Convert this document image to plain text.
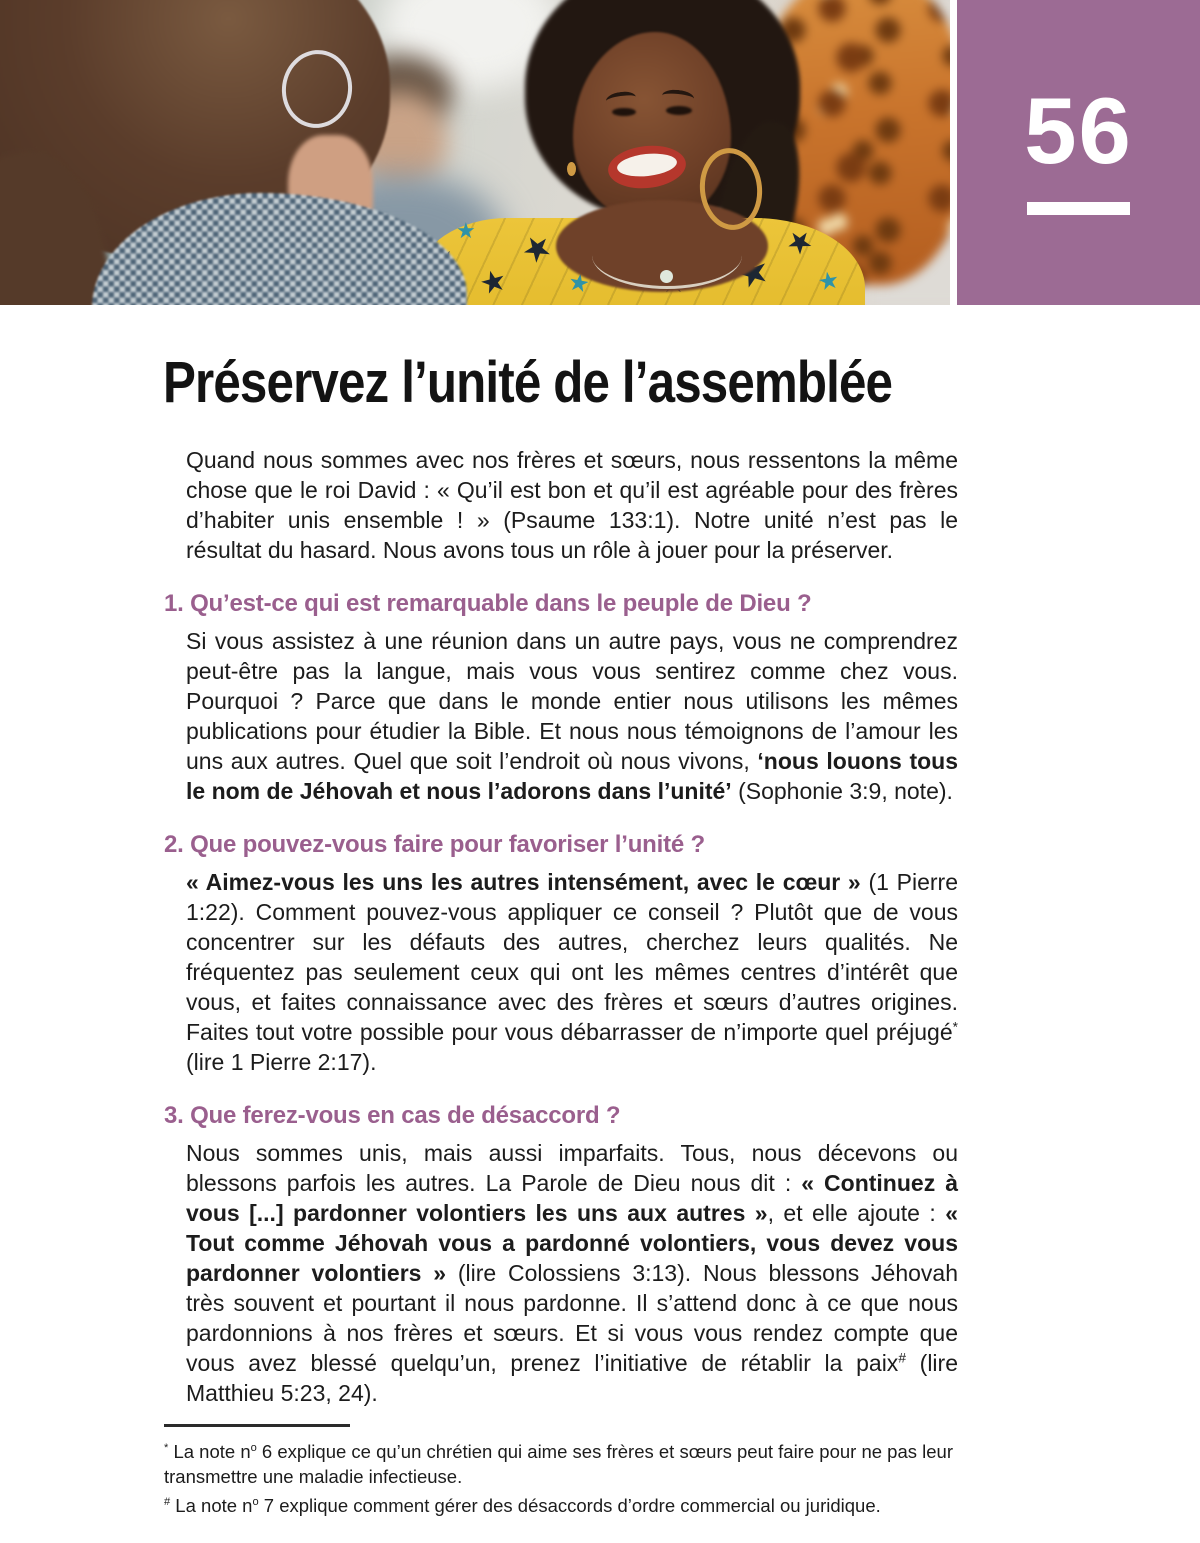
★
★
★
★
★
★
★
★
★
★
★
★
56
Préservez l’unité de l’assemblée

Quand nous sommes avec nos frères et sœurs, nous ressentons la même chose que le roi David : « Qu’il est bon et qu’il est agréable pour des frères d’habiter unis ensemble ! » (Psaume 133:1). Notre unité n’est pas le résultat du hasard. Nous avons tous un rôle à jouer pour la préserver.

1. Qu’est-ce qui est remarquable dans le peuple de Dieu ?

Si vous assistez à une réunion dans un autre pays, vous ne comprendrez peut-être pas la langue, mais vous vous sentirez comme chez vous. Pourquoi ? Parce que dans le monde entier nous utilisons les mêmes publications pour étudier la Bible. Et nous nous témoignons de l’amour les uns aux autres. Quel que soit l’endroit où nous vivons, ‘nous louons tous le nom de Jéhovah et nous l’adorons dans l’unité’ (Sophonie 3:9, note).

2. Que pouvez-vous faire pour favoriser l’unité ?

« Aimez-vous les uns les autres intensément, avec le cœur » (1 Pierre 1:22). Comment pouvez-vous appliquer ce conseil ? Plutôt que de vous concentrer sur les défauts des autres, cherchez leurs qualités. Ne fréquentez pas seulement ceux qui ont les mêmes centres d’intérêt que vous, et faites connaissance avec des frères et sœurs d’autres origines. Faites tout votre possible pour vous débarrasser de n’importe quel préjugé* (lire 1 Pierre 2:17).

3. Que ferez-vous en cas de désaccord ?

Nous sommes unis, mais aussi imparfaits. Tous, nous décevons ou blessons parfois les autres. La Parole de Dieu nous dit : « Continuez à vous [...] pardonner volontiers les uns aux autres », et elle ajoute : « Tout comme Jéhovah vous a pardonné volontiers, vous devez vous pardonner volontiers » (lire Colossiens 3:13). Nous blessons Jéhovah très souvent et pourtant il nous pardonne. Il s’attend donc à ce que nous pardonnions à nos frères et sœurs. Et si vous vous rendez compte que vous avez blessé quelqu’un, prenez l’initiative de rétablir la paix# (lire Matthieu 5:23, 24).

* La note $n^o$ 6 explique ce qu’un chrétien qui aime ses frères et sœurs peut faire pour ne pas leur transmettre une maladie infectieuse.

# La note $n^o$ 7 explique comment gérer des désaccords d’ordre commercial ou juridique.
